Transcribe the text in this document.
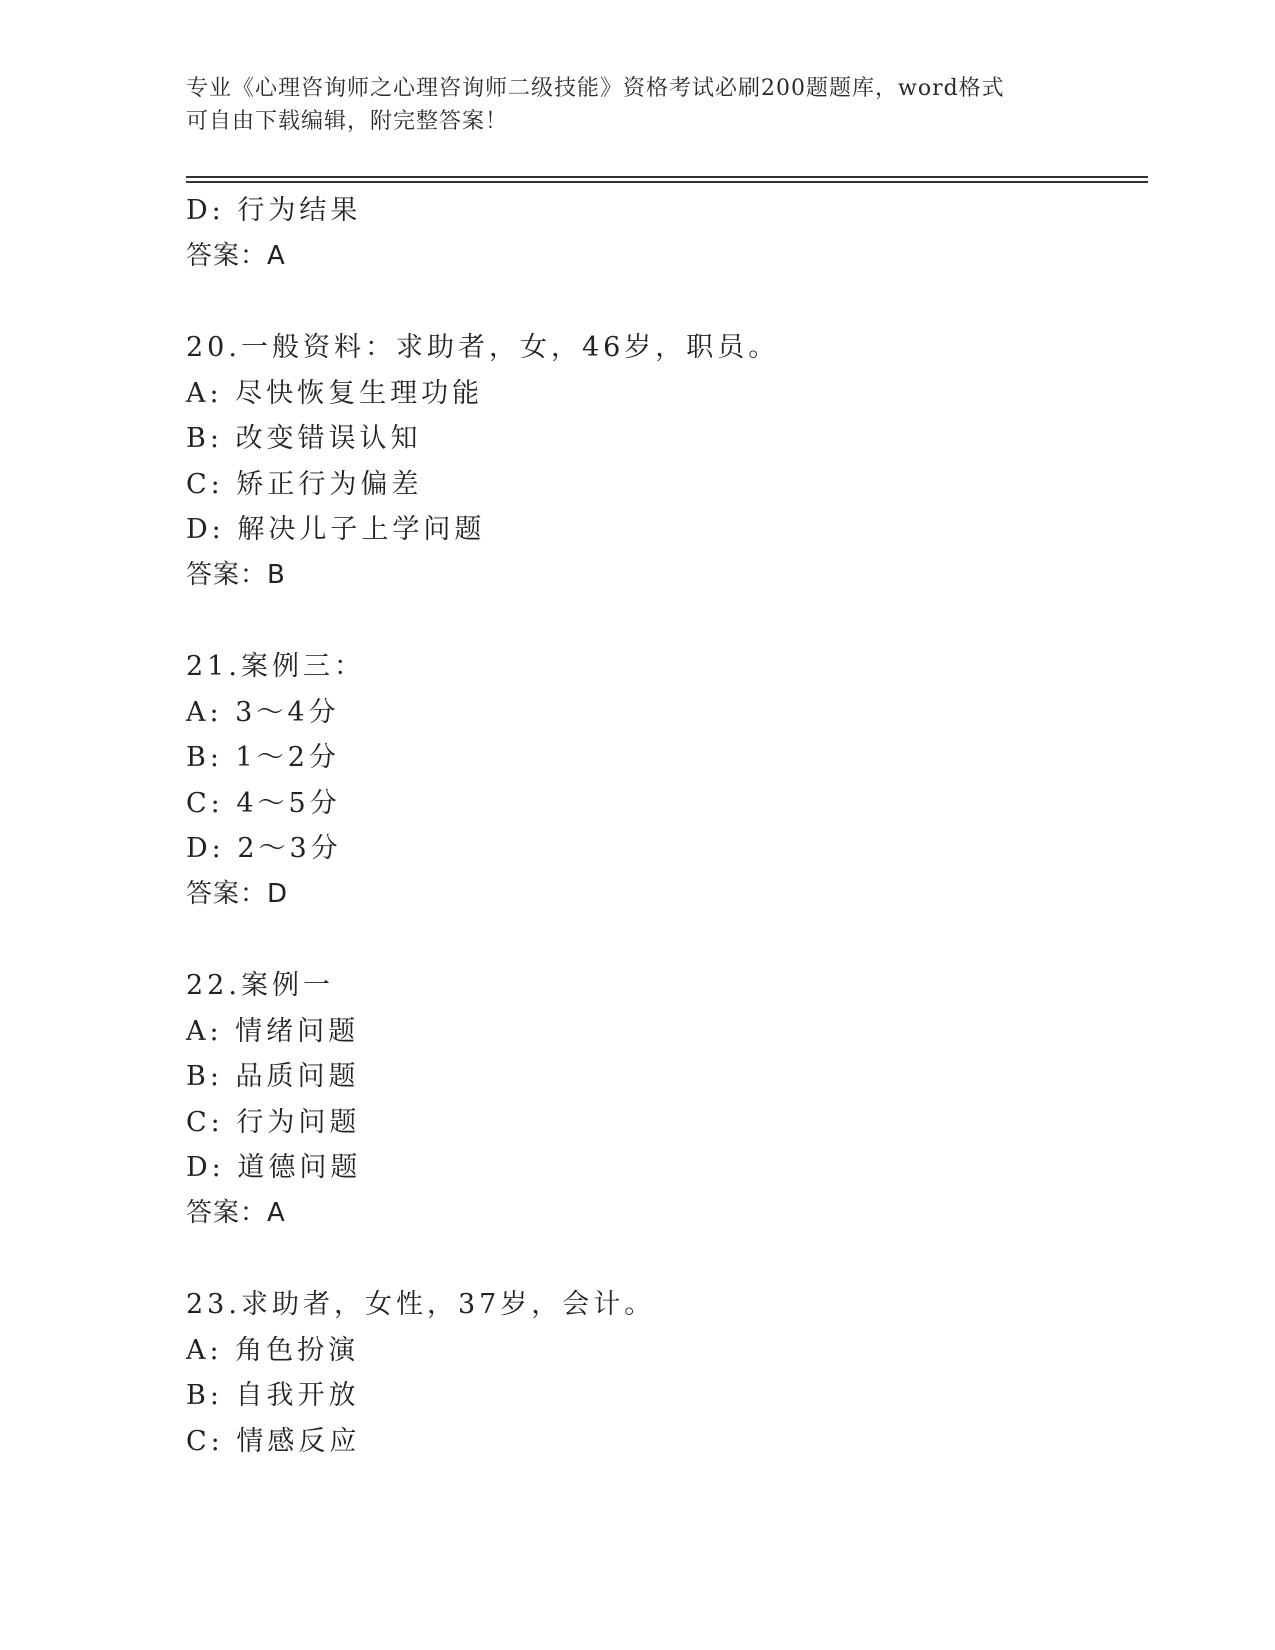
专业《心理咨询师之心理咨询师二级技能》资格考试必刷200题题库，word格式
可自由下载编辑，附完整答案！
D: 行为结果
答案：A
20.一般资料：求助者，女，46岁，职员。
A: 尽快恢复生理功能
B: 改变错误认知
C: 矫正行为偏差
D: 解决儿子上学问题
答案：B
21.案例三：
A: 3～4分
B: 1～2分
C: 4～5分
D: 2～3分
答案：D
22.案例一
A: 情绪问题
B: 品质问题
C: 行为问题
D: 道德问题
答案：A
23.求助者，女性，37岁，会计。
A: 角色扮演
B: 自我开放
C: 情感反应
